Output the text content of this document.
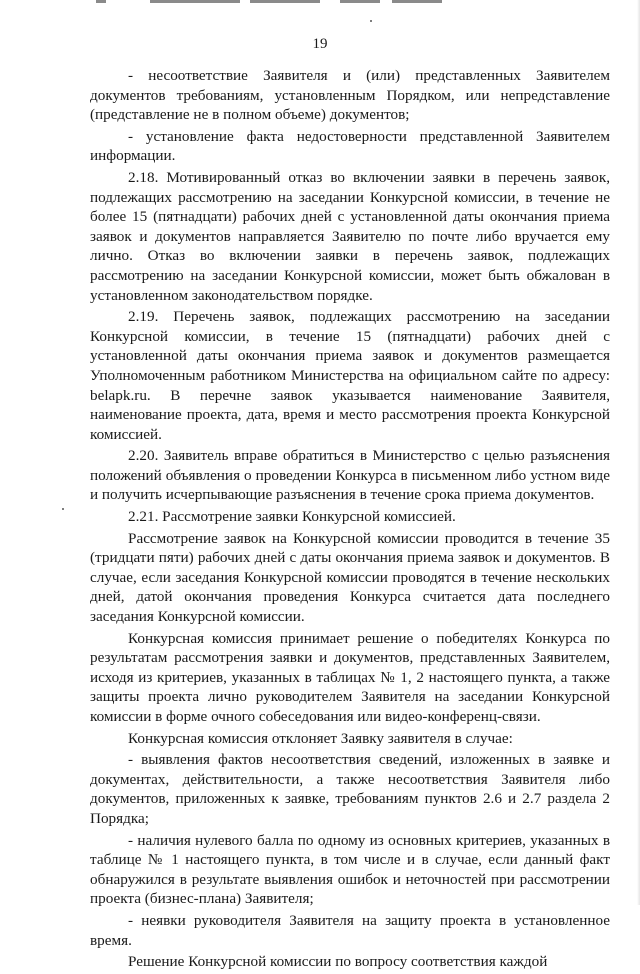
19

- несоответствие Заявителя и (или) представленных Заявителем документов требованиям, установленным Порядком, или непредставление (представление не в полном объеме) документов;

- установление факта недостоверности представленной Заявителем информации.

2.18. Мотивированный отказ во включении заявки в перечень заявок, подлежащих рассмотрению на заседании Конкурсной комиссии, в течение не более 15 (пятнадцати) рабочих дней с установленной даты окончания приема заявок и документов направляется Заявителю по почте либо вручается ему лично. Отказ во включении заявки в перечень заявок, подлежащих рассмотрению на заседании Конкурсной комиссии, может быть обжалован в установленном законодательством порядке.

2.19. Перечень заявок, подлежащих рассмотрению на заседании Конкурсной комиссии, в течение 15 (пятнадцати) рабочих дней с установленной даты окончания приема заявок и документов размещается Уполномоченным работником Министерства на официальном сайте по адресу: belapk.ru. В перечне заявок указывается наименование Заявителя, наименование проекта, дата, время и место рассмотрения проекта Конкурсной комиссией.

2.20. Заявитель вправе обратиться в Министерство с целью разъяснения положений объявления о проведении Конкурса в письменном либо устном виде и получить исчерпывающие разъяснения в течение срока приема документов.

2.21. Рассмотрение заявки Конкурсной комиссией.

Рассмотрение заявок на Конкурсной комиссии проводится в течение 35 (тридцати пяти) рабочих дней с даты окончания приема заявок и документов. В случае, если заседания Конкурсной комиссии проводятся в течение нескольких дней, датой окончания проведения Конкурса считается дата последнего заседания Конкурсной комиссии.

Конкурсная комиссия принимает решение о победителях Конкурса по результатам рассмотрения заявки и документов, представленных Заявителем, исходя из критериев, указанных в таблицах № 1, 2 настоящего пункта, а также защиты проекта лично руководителем Заявителя на заседании Конкурсной комиссии в форме очного собеседования или видео-конференц-связи.

Конкурсная комиссия отклоняет Заявку заявителя в случае:

- выявления фактов несоответствия сведений, изложенных в заявке и документах, действительности, а также несоответствия Заявителя либо документов, приложенных к заявке, требованиям пунктов 2.6 и 2.7 раздела 2 Порядка;

- наличия нулевого балла по одному из основных критериев, указанных в таблице № 1 настоящего пункта, в том числе и в случае, если данный факт обнаружился в результате выявления ошибок и неточностей при рассмотрении проекта (бизнес-плана) Заявителя;

- неявки руководителя Заявителя на защиту проекта в установленное время.

Решение Конкурсной комиссии по вопросу соответствия каждой
